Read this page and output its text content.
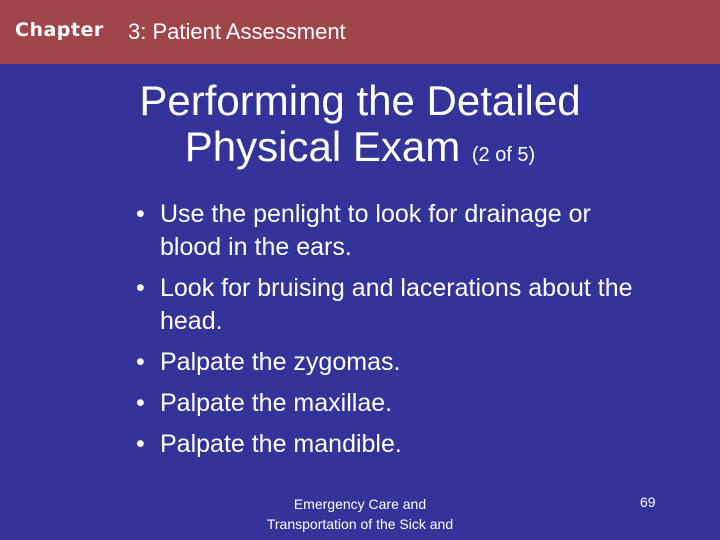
Chapter 3: Patient Assessment
Performing the Detailed
Physical Exam (2 of 5)
• Use the penlight to look for drainage or blood in the ears.
• Look for bruising and lacerations about the head.
• Palpate the zygomas.
• Palpate the maxillae.
• Palpate the mandible.
Emergency Care and
Transportation of the Sick and
69
